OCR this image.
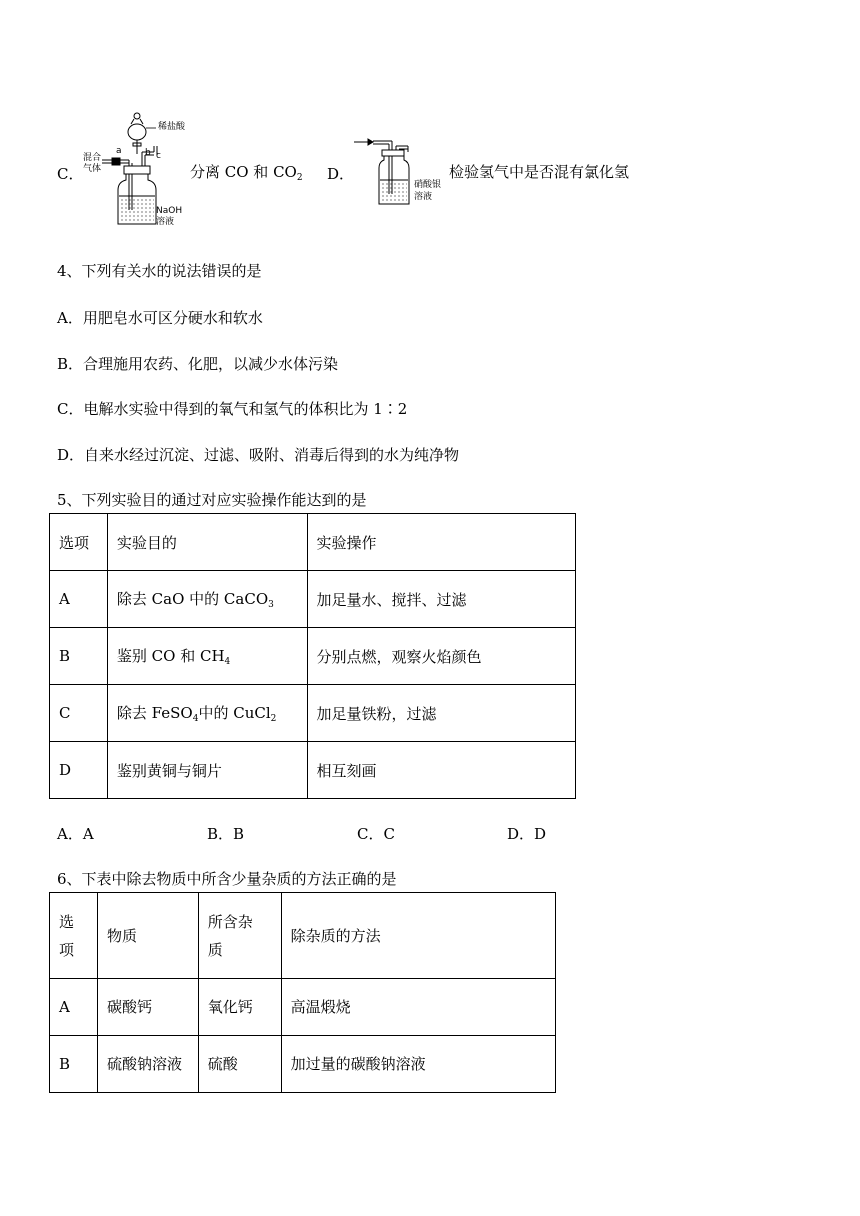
C．
稀盐酸
混合
气体
a	b c
NaOH
溶液
分离 CO 和 $CO_2$ D．
硝酸银
溶液
检验氢气中是否混有氯化氢
4、下列有关水的说法错误的是
A．用肥皂水可区分硬水和软水
B．合理施用农药、化肥，以减少水体污染
C．电解水实验中得到的氧气和氢气的体积比为 1∶2
D．自来水经过沉淀、过滤、吸附、消毒后得到的水为纯净物
5、下列实验目的通过对应实验操作能达到的是
选项	实验目的	实验操作
A	除去 CaO 中的 CaCO$_3$	加足量水、搅拌、过滤
B	鉴别 CO 和 $CH_4$	分别点燃，观察火焰颜色
C	除去 FeSO$_4$中的 CuCl$_2$	加足量铁粉，过滤
D	鉴别黄铜与铜片	相互刻画
A．A	B．B	C．C	D．D
6、下表中除去物质中所含少量杂质的方法正确的是
选
项	物质	所含杂
质	除杂质的方法
A	碳酸钙	氧化钙	高温煅烧
B	硫酸钠溶液	硫酸	加过量的碳酸钠溶液
